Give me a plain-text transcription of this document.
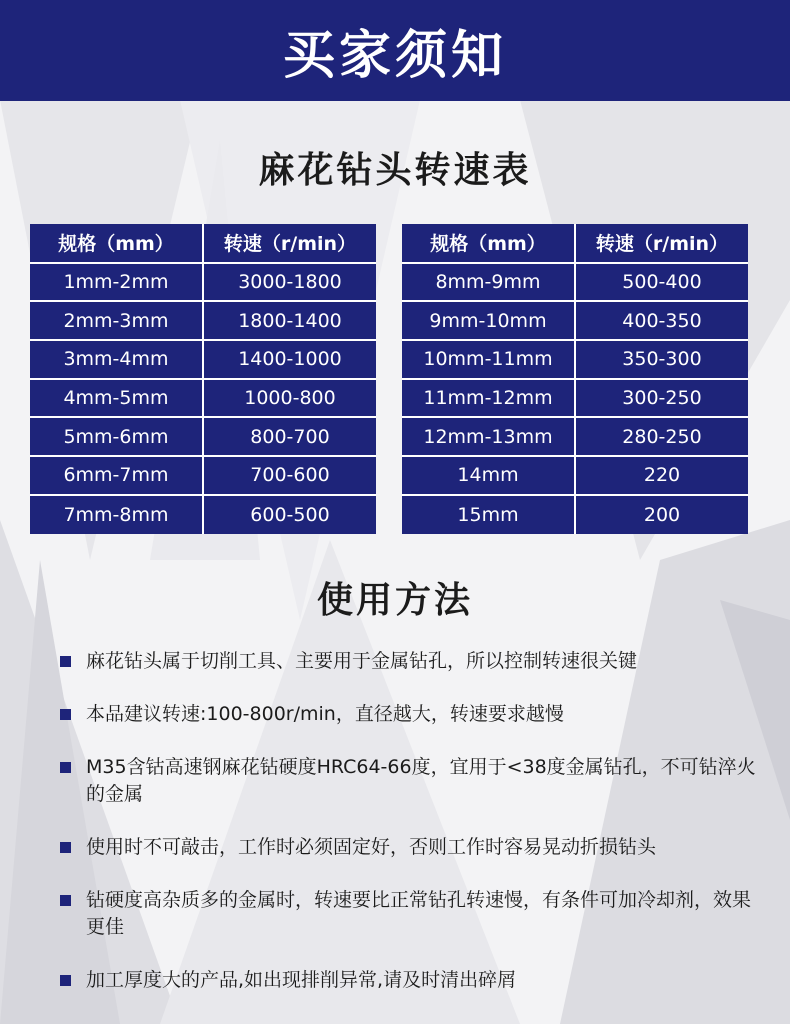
买家须知
麻花钻头转速表
规格（mm）	转速（r/min）
1mm-2mm	3000-1800
2mm-3mm	1800-1400
3mm-4mm	1400-1000
4mm-5mm	1000-800
5mm-6mm	800-700
6mm-7mm	700-600
7mm-8mm	600-500
规格（mm）	转速（r/min）
8mm-9mm	500-400
9mm-10mm	400-350
10mm-11mm	350-300
11mm-12mm	300-250
12mm-13mm	280-250
14mm	220
15mm	200
使用方法
麻花钻头属于切削工具、主要用于金属钻孔，所以控制转速很关键
本品建议转速:100-800r/min，直径越大，转速要求越慢
M35含钴高速钢麻花钻硬度HRC64-66度，宜用于<38度金属钻孔，不可钻淬火的金属
使用时不可敲击，工作时必须固定好，否则工作时容易晃动折损钻头
钻硬度高杂质多的金属时，转速要比正常钻孔转速慢，有条件可加冷却剂，效果更佳
加工厚度大的产品,如出现排削异常,请及时清出碎屑
